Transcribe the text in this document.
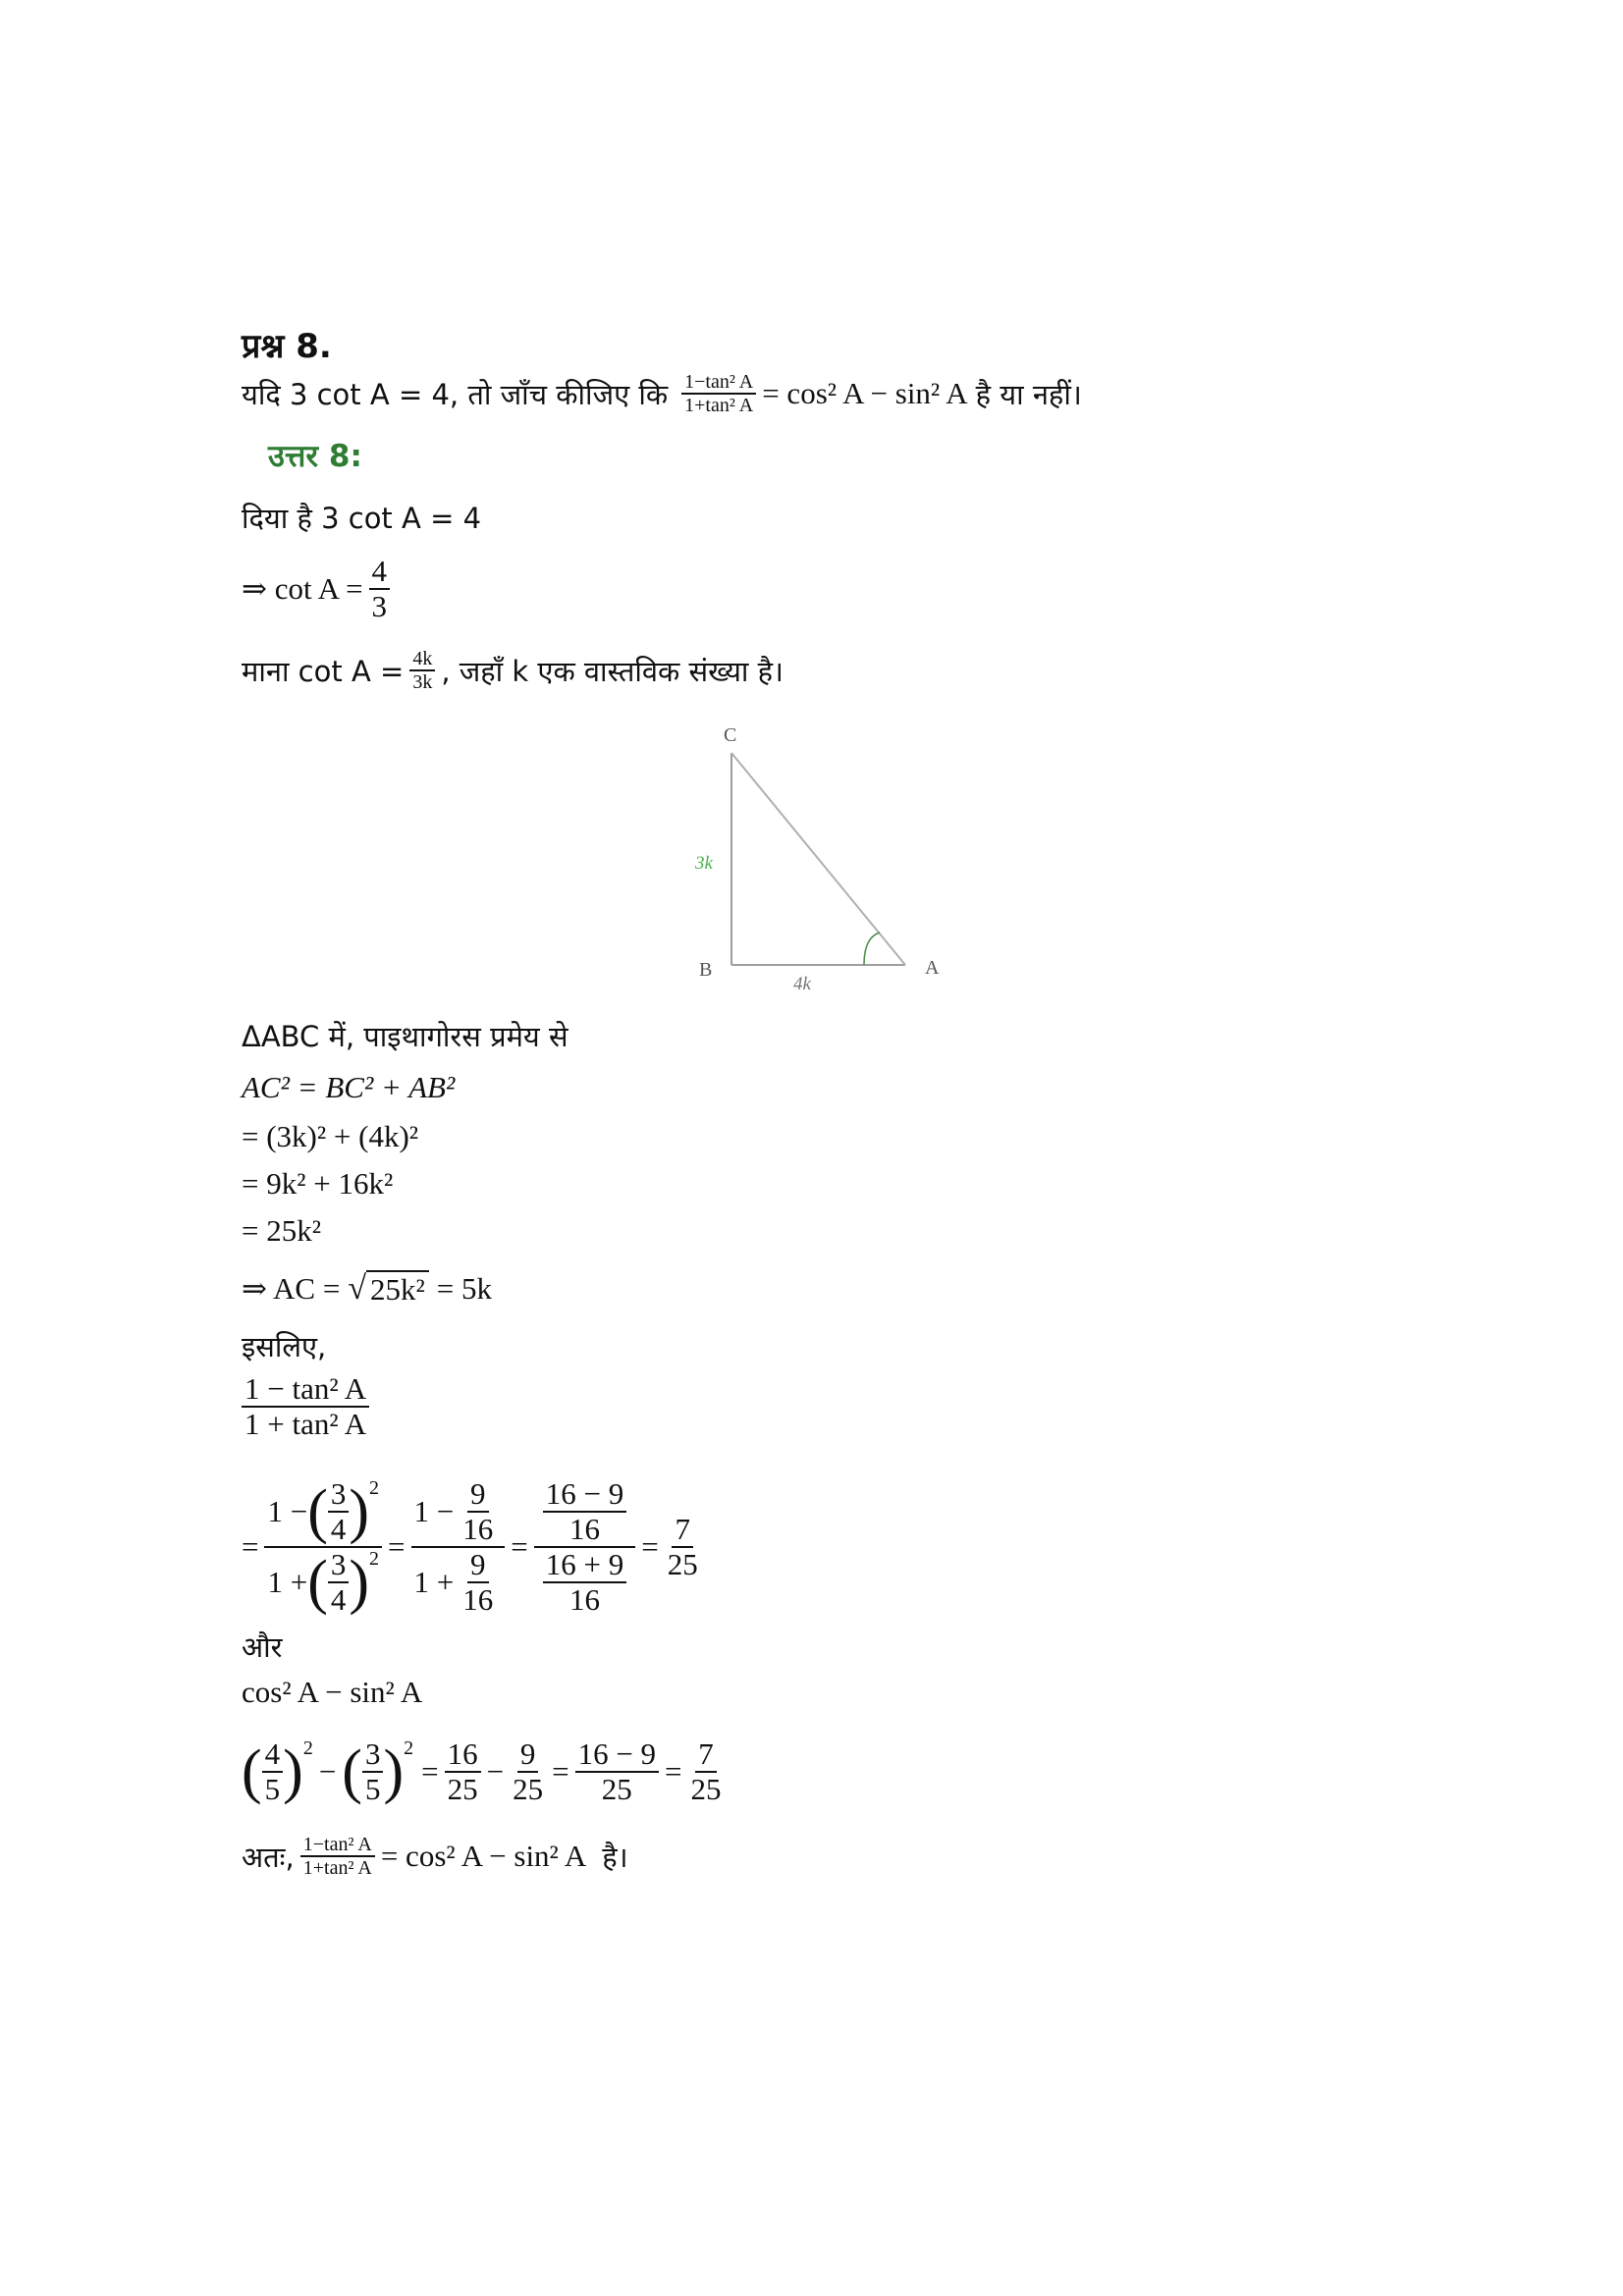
प्रश्न 8.
यदि 3 cot A = 4, तो जाँच कीजिए कि $\frac{\text{1−tan² A}}{\text{1+tan² A}} = \cos^2$ A − sin² A है या नहीं।
उत्तर 8:
दिया है 3 cot A = 4
⇒ $\cot A = \frac{4}{3}$
माना $\cot A = \frac{4k}{3k}$ , जहाँ k एक वास्तविक संख्या है।
C
B	A
3k
4k
ΔABC में, पाइथागोरस प्रमेय से
AC² = BC² + AB²
= (3k)² + (4k)²
= 9k² + 16k²
= 25k²
⇒ AC = √ 25k² = 5k
इसलिए,
$\frac{\text{1 − tan² A}}{\text{1 + tan² A}}$
= $\frac{1 - ( \frac{3}{4} ) 2}{1 + ( \frac{3}{4} ) 2} = \frac{1 - \frac{9}{16}}{1 + \frac{9}{16}} = \frac{\frac{16 - 9}{16}}{\frac{16 + 9}{16}} = \frac{7}{25}$
और
cos² A − sin² A
( $\frac{4}{5}$ ) 2
− ( $\frac{3}{5}$ ) 2
= $\frac{16}{25} - \frac{9}{25} = \frac{16 - 9}{25} = \frac{7}{25}$
अतः, $\frac{\text{1−tan² A}}{\text{1+tan² A}} = \cos^2$ A − sin² A है।
